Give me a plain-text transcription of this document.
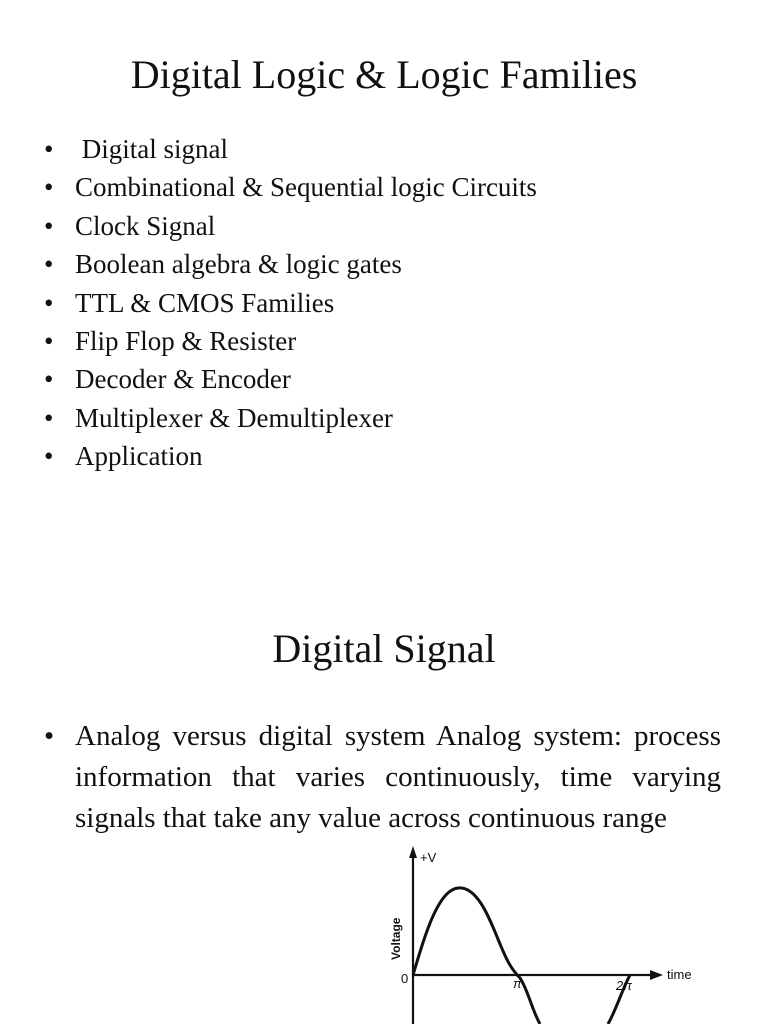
Digital Logic & Logic Families
•  Digital signal
• Combinational & Sequential logic Circuits
• Clock Signal
• Boolean algebra & logic gates
• TTL & CMOS Families
• Flip Flop & Resister
• Decoder & Encoder
• Multiplexer & Demultiplexer
• Application
Digital Signal
• Analog versus digital system Analog system: process information that varies continuously, time varying signals that take any value across continuous range
+V
Voltage
0	π	2π
time
